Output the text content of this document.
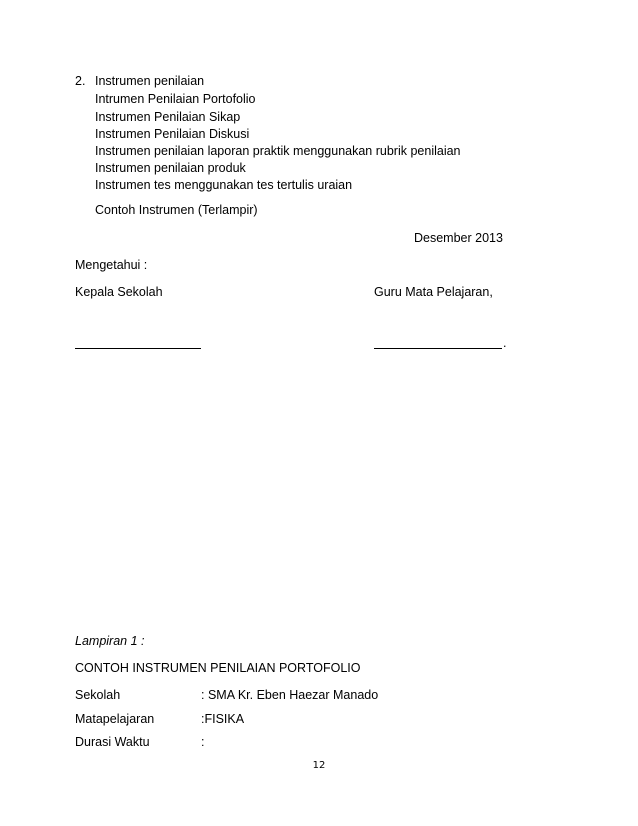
2. Instrumen penilaian
Intrumen Penilaian Portofolio
Instrumen Penilaian Sikap
Instrumen Penilaian Diskusi
Instrumen penilaian laporan praktik menggunakan rubrik penilaian
Instrumen penilaian produk
Instrumen tes menggunakan tes tertulis uraian
Contoh Instrumen (Terlampir)
Desember 2013
Mengetahui :
Kepala Sekolah	Guru Mata Pelajaran,
.
Lampiran 1 :
CONTOH INSTRUMEN PENILAIAN PORTOFOLIO
Sekolah	: SMA Kr. Eben Haezar Manado
Matapelajaran	:FISIKA
Durasi Waktu	:
12
